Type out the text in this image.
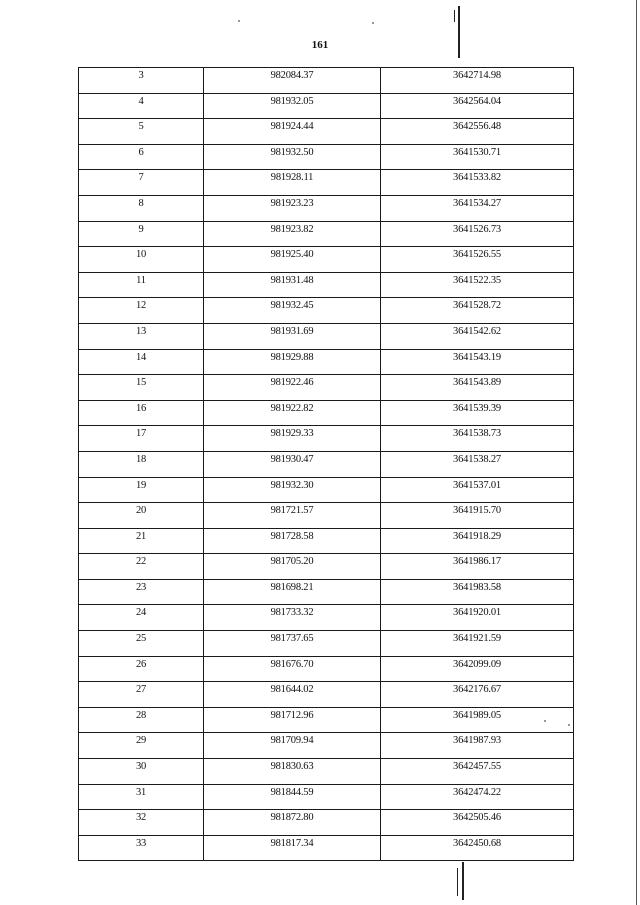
161
3	982084.37	3642714.98
4	981932.05	3642564.04
5	981924.44	3642556.48
6	981932.50	3641530.71
7	981928.11	3641533.82
8	981923.23	3641534.27
9	981923.82	3641526.73
10	981925.40	3641526.55
11	981931.48	3641522.35
12	981932.45	3641528.72
13	981931.69	3641542.62
14	981929.88	3641543.19
15	981922.46	3641543.89
16	981922.82	3641539.39
17	981929.33	3641538.73
18	981930.47	3641538.27
19	981932.30	3641537.01
20	981721.57	3641915.70
21	981728.58	3641918.29
22	981705.20	3641986.17
23	981698.21	3641983.58
24	981733.32	3641920.01
25	981737.65	3641921.59
26	981676.70	3642099.09
27	981644.02	3642176.67
28	981712.96	3641989.05
29	981709.94	3641987.93
30	981830.63	3642457.55
31	981844.59	3642474.22
32	981872.80	3642505.46
33	981817.34	3642450.68
